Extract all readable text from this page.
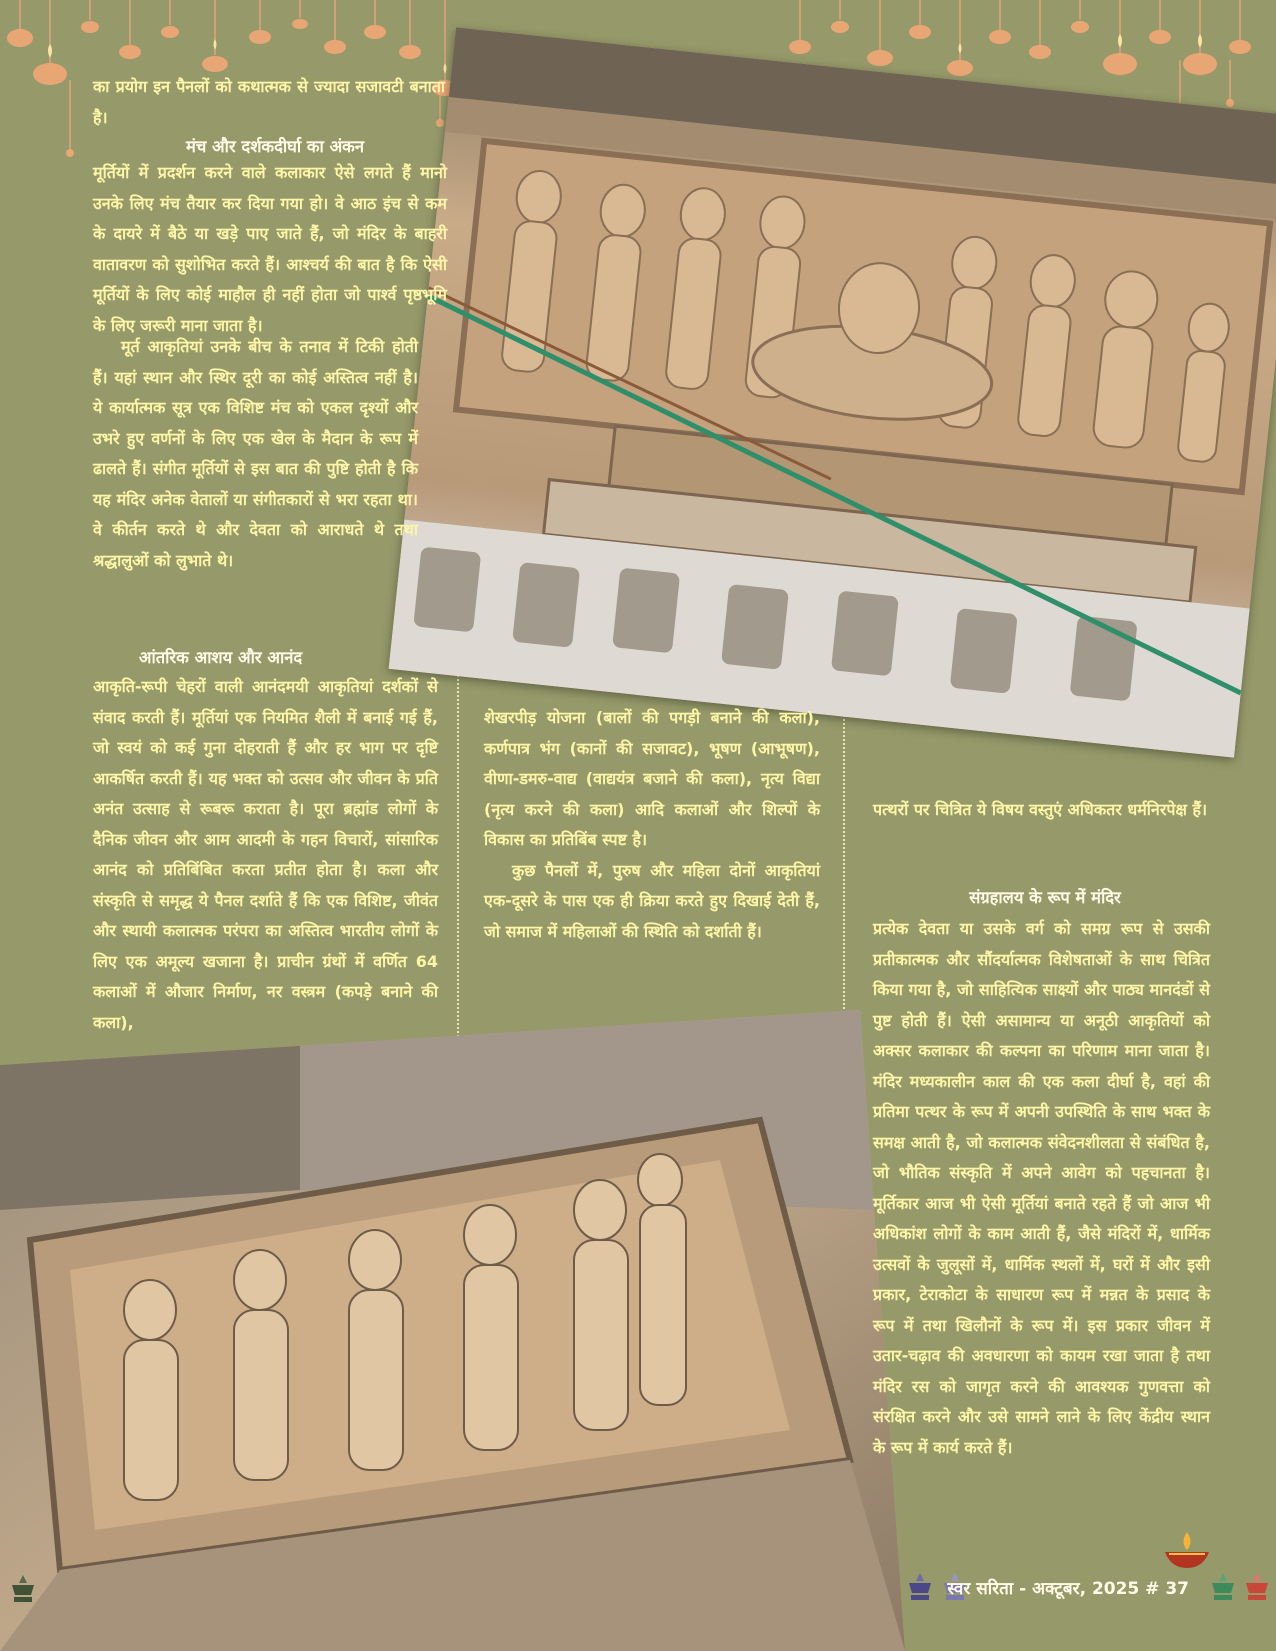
का प्रयोग इन पैनलों को कथात्मक से ज्यादा सजावटी बनाता है।

मंच और दर्शकदीर्घा का अंकन

मूर्तियों में प्रदर्शन करने वाले कलाकार ऐसे लगते हैं मानो उनके लिए मंच तैयार कर दिया गया हो। वे आठ इंच से कम के दायरे में बैठे या खड़े पाए जाते हैं, जो मंदिर के बाहरी वातावरण को सुशोभित करते हैं। आश्चर्य की बात है कि ऐसी मूर्तियों के लिए कोई माहौल ही नहीं होता जो पार्श्व पृष्ठभूमि के लिए जरूरी माना जाता है।

मूर्त आकृतियां उनके बीच के तनाव में टिकी होती हैं। यहां स्थान और स्थिर दूरी का कोई अस्तित्व नहीं है। ये कार्यात्मक सूत्र एक विशिष्ट मंच को एकल दृश्यों और उभरे हुए वर्णनों के लिए एक खेल के मैदान के रूप में ढालते हैं। संगीत मूर्तियों से इस बात की पुष्टि होती है कि यह मंदिर अनेक वेतालों या संगीतकारों से भरा रहता था। वे कीर्तन करते थे और देवता को आराधते थे तथा श्रद्धालुओं को लुभाते थे।

आंतरिक आशय और आनंद

आकृति-रूपी चेहरों वाली आनंदमयी आकृतियां दर्शकों से संवाद करती हैं। मूर्तियां एक नियमित शैली में बनाई गई हैं, जो स्वयं को कई गुना दोहराती हैं और हर भाग पर दृष्टि आकर्षित करती हैं। यह भक्त को उत्सव और जीवन के प्रति अनंत उत्साह से रूबरू कराता है। पूरा ब्रह्मांड लोगों के दैनिक जीवन और आम आदमी के गहन विचारों, सांसारिक आनंद को प्रतिबिंबित करता प्रतीत होता है। कला और संस्कृति से समृद्ध ये पैनल दर्शाते हैं कि एक विशिष्ट, जीवंत और स्थायी कलात्मक परंपरा का अस्तित्व भारतीय लोगों के लिए एक अमूल्य खजाना है। प्राचीन ग्रंथों में वर्णित 64 कलाओं में औजार निर्माण, नर वस्त्रम (कपड़े बनाने की कला),

शेखरपीड़ योजना (बालों की पगड़ी बनाने की कला), कर्णपात्र भंग (कानों की सजावट), भूषण (आभूषण), वीणा-डमरु-वाद्य (वाद्ययंत्र बजाने की कला), नृत्य विद्या (नृत्य करने की कला) आदि कलाओं और शिल्पों के विकास का प्रतिबिंब स्पष्ट है।

कुछ पैनलों में, पुरुष और महिला दोनों आकृतियां एक-दूसरे के पास एक ही क्रिया करते हुए दिखाई देती हैं, जो समाज में महिलाओं की स्थिति को दर्शाती हैं।

पत्थरों पर चित्रित ये विषय वस्तुएं अधिकतर धर्मनिरपेक्ष हैं।

संग्रहालय के रूप में मंदिर

प्रत्येक देवता या उसके वर्ग को समग्र रूप से उसकी प्रतीकात्मक और सौंदर्यात्मक विशेषताओं के साथ चित्रित किया गया है, जो साहित्यिक साक्ष्यों और पाठ्य मानदंडों से पुष्ट होती हैं। ऐसी असामान्य या अनूठी आकृतियों को अक्सर कलाकार की कल्पना का परिणाम माना जाता है। मंदिर मध्यकालीन काल की एक कला दीर्घा है, वहां की प्रतिमा पत्थर के रूप में अपनी उपस्थिति के साथ भक्त के समक्ष आती है, जो कलात्मक संवेदनशीलता से संबंधित है, जो भौतिक संस्कृति में अपने आवेग को पहचानता है। मूर्तिकार आज भी ऐसी मूर्तियां बनाते रहते हैं जो आज भी अधिकांश लोगों के काम आती हैं, जैसे मंदिरों में, धार्मिक उत्सवों के जुलूसों में, धार्मिक स्थलों में, घरों में और इसी प्रकार, टेराकोटा के साधारण रूप में मन्नत के प्रसाद के रूप में तथा खिलौनों के रूप में। इस प्रकार जीवन में उतार-चढ़ाव की अवधारणा को कायम रखा जाता है तथा मंदिर रस को जागृत करने की आवश्यक गुणवत्ता को संरक्षित करने और उसे सामने लाने के लिए केंद्रीय स्थान के रूप में कार्य करते हैं।

स्वर सरिता - अक्टूबर, 2025 # 37
